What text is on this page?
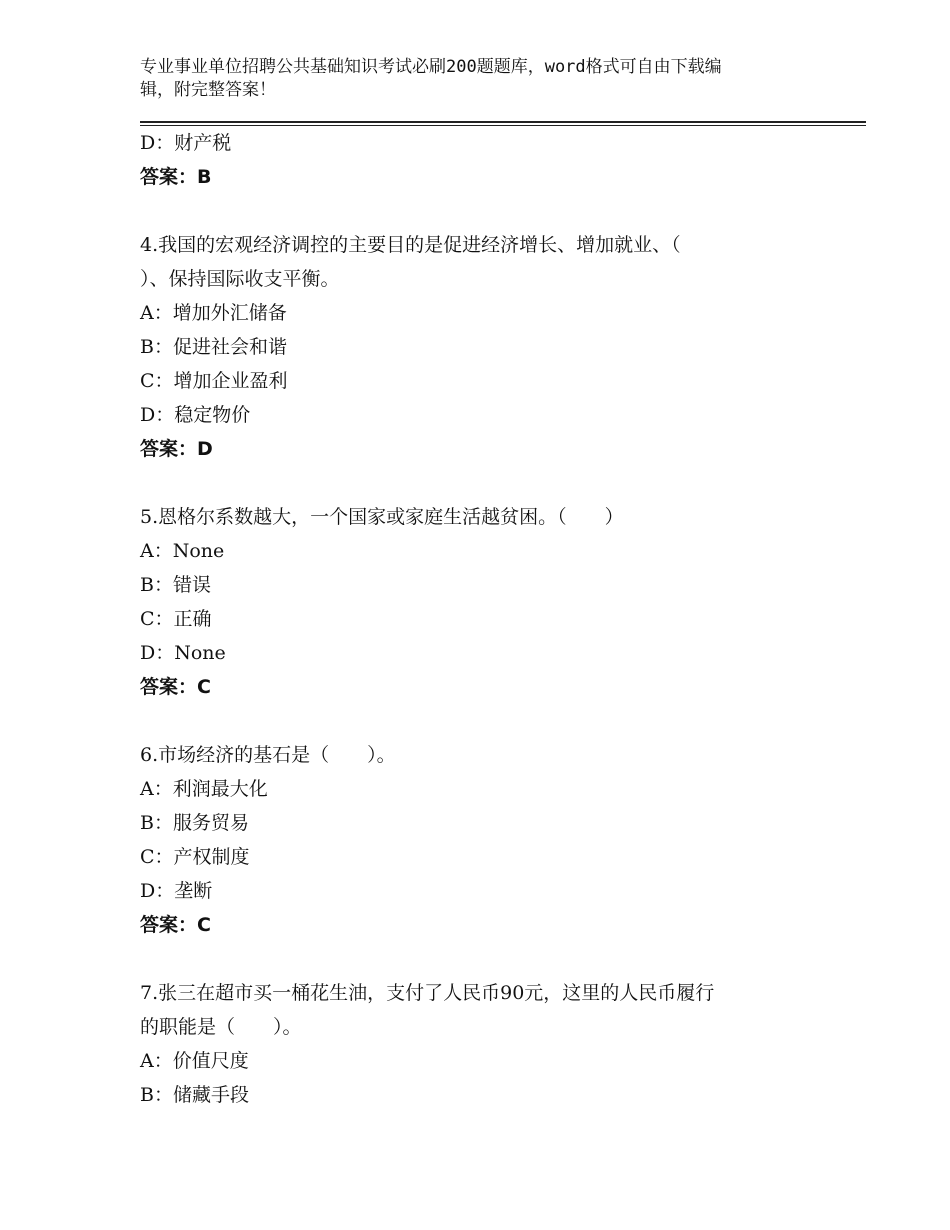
专业事业单位招聘公共基础知识考试必刷200题题库，word格式可自由下载编
辑，附完整答案！
D：财产税
答案：B
4.我国的宏观经济调控的主要目的是促进经济增长、增加就业、（
）、保持国际收支平衡。
A：增加外汇储备
B：促进社会和谐
C：增加企业盈利
D：稳定物价
答案：D
5.恩格尔系数越大，一个国家或家庭生活越贫困。（　　）
A：None
B：错误
C：正确
D：None
答案：C
6.市场经济的基石是（　　）。
A：利润最大化
B：服务贸易
C：产权制度
D：垄断
答案：C
7.张三在超市买一桶花生油，支付了人民币90元，这里的人民币履行
的职能是（　　）。
A：价值尺度
B：储藏手段
